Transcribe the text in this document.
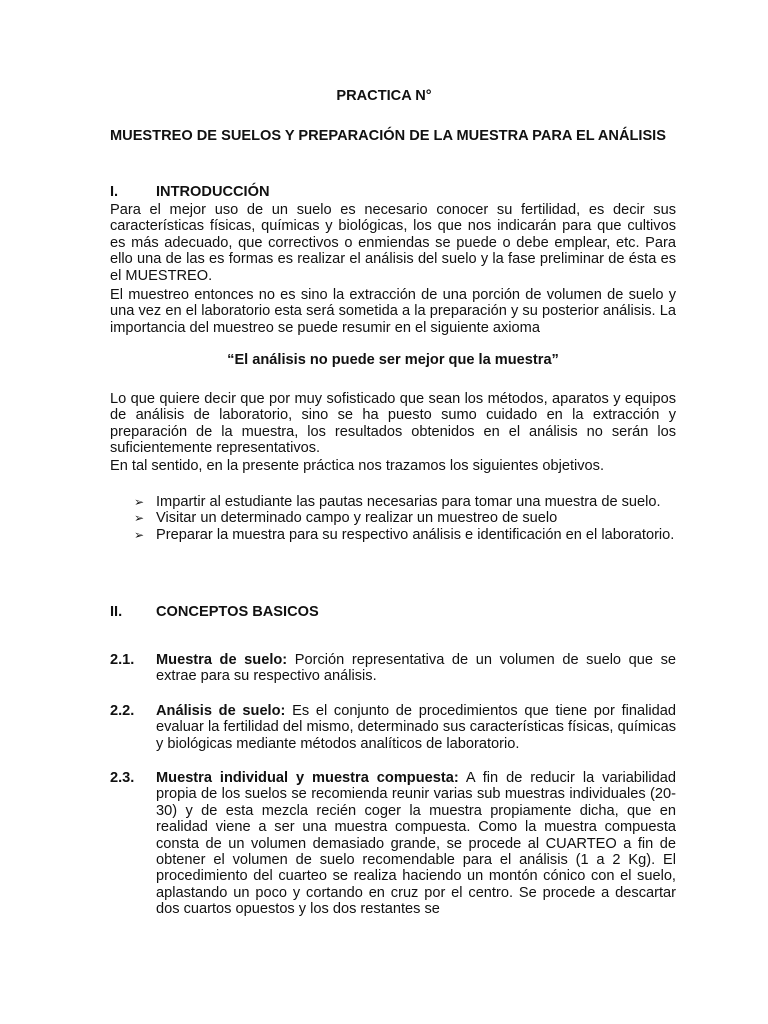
PRACTICA N°
MUESTREO DE SUELOS Y PREPARACIÓN DE LA MUESTRA PARA EL ANÁLISIS
I.	INTRODUCCIÓN
Para el mejor uso de un suelo es necesario conocer su fertilidad, es decir sus características físicas, químicas y biológicas, los que nos indicarán para que cultivos es más adecuado, que correctivos o enmiendas se puede o debe emplear, etc. Para ello una de las es formas es realizar el análisis del suelo y la fase preliminar de ésta es el MUESTREO.
El muestreo entonces no es sino la extracción de una porción de volumen de suelo y una vez en el laboratorio esta será sometida a la preparación y su posterior análisis. La importancia del muestreo se puede resumir en el siguiente axioma
“El análisis no puede ser mejor que la muestra”
Lo que quiere decir que por muy sofisticado que sean los métodos, aparatos y equipos de análisis de laboratorio, sino se ha puesto sumo cuidado en la extracción y preparación de la muestra, los resultados obtenidos en el análisis no serán los suficientemente representativos.
En tal sentido, en la presente práctica nos trazamos los siguientes objetivos.
➢ Impartir al estudiante las pautas necesarias para tomar una muestra de suelo.
➢ Visitar un determinado campo y realizar un muestreo de suelo
➢ Preparar la muestra para su respectivo análisis e identificación en el laboratorio.
II. CONCEPTOS BASICOS
2.1. Muestra de suelo: Porción representativa de un volumen de suelo que se extrae para su respectivo análisis.
2.2. Análisis de suelo: Es el conjunto de procedimientos que tiene por finalidad evaluar la fertilidad del mismo, determinado sus características físicas, químicas y biológicas mediante métodos analíticos de laboratorio.
2.3. Muestra individual y muestra compuesta: A fin de reducir la variabilidad propia de los suelos se recomienda reunir varias sub muestras individuales (20-30) y de esta mezcla recién coger la muestra propiamente dicha, que en realidad viene a ser una muestra compuesta. Como la muestra compuesta consta de un volumen demasiado grande, se procede al CUARTEO a fin de obtener el volumen de suelo recomendable para el análisis (1 a 2 Kg). El procedimiento del cuarteo se realiza haciendo un montón cónico con el suelo, aplastando un poco y cortando en cruz por el centro. Se procede a descartar dos cuartos opuestos y los dos restantes se
